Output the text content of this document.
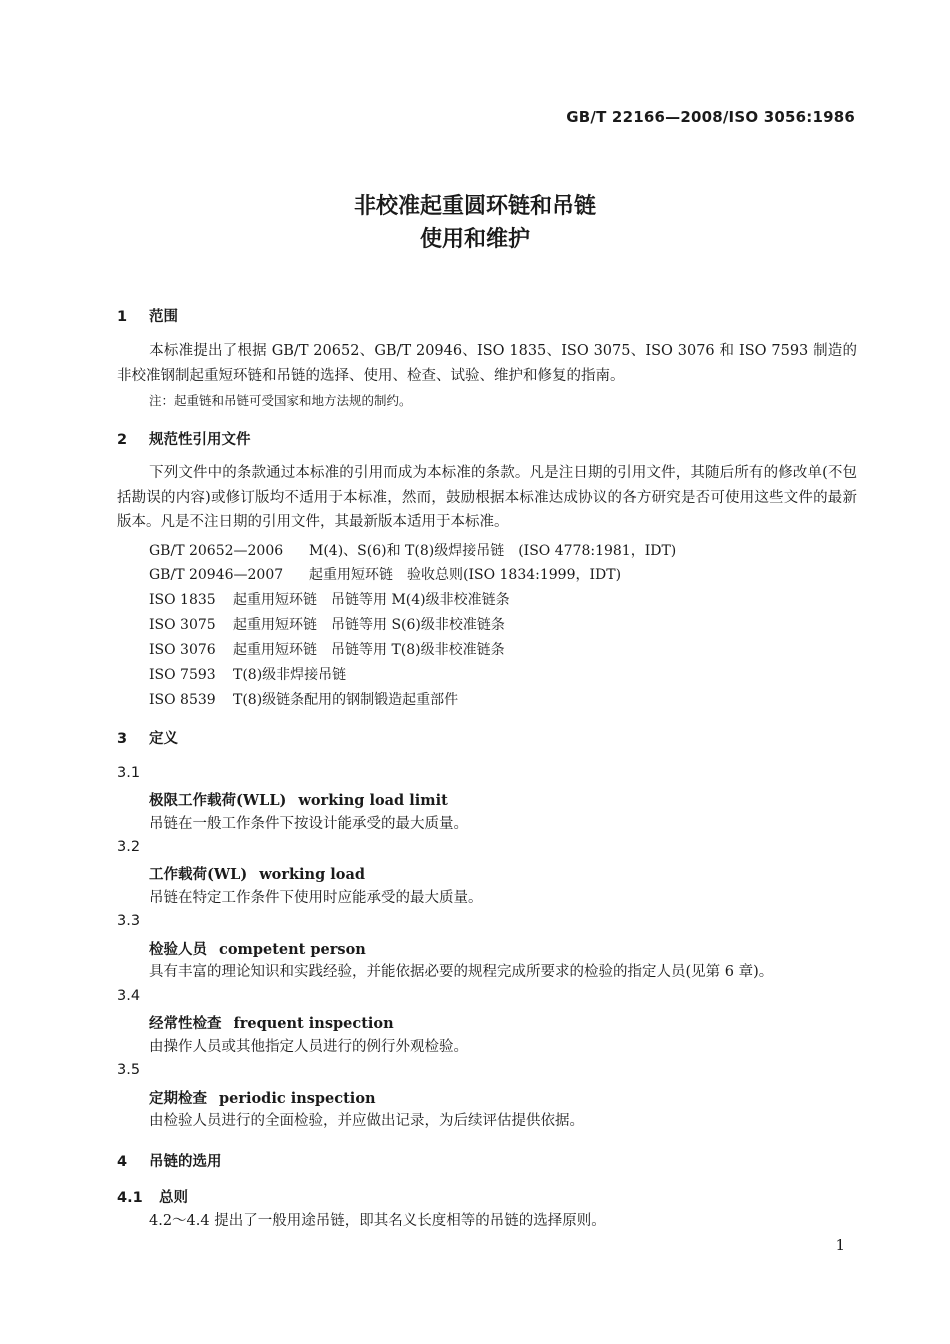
GB/T 22166—2008/ISO 3056:1986
非校准起重圆环链和吊链
使用和维护
1 范围
本标准提出了根据 GB/T 20652、GB/T 20946、ISO 1835、ISO 3075、ISO 3076 和 ISO 7593 制造的非校准钢制起重短环链和吊链的选择、使用、检查、试验、维护和修复的指南。
注：起重链和吊链可受国家和地方法规的制约。
2 规范性引用文件
下列文件中的条款通过本标准的引用而成为本标准的条款。凡是注日期的引用文件，其随后所有的修改单(不包括勘误的内容)或修订版均不适用于本标准，然而，鼓励根据本标准达成协议的各方研究是否可使用这些文件的最新版本。凡是不注日期的引用文件，其最新版本适用于本标准。
GB/T 20652—2006 M(4)、S(6)和 T(8)级焊接吊链　(ISO 4778:1981，IDT)
GB/T 20946—2007 起重用短环链　验收总则(ISO 1834:1999，IDT)
ISO 1835 起重用短环链　吊链等用 M(4)级非校准链条
ISO 3075 起重用短环链　吊链等用 S(6)级非校准链条
ISO 3076 起重用短环链　吊链等用 T(8)级非校准链条
ISO 7593 T(8)级非焊接吊链
ISO 8539 T(8)级链条配用的钢制锻造起重部件
3 定义
3.1
极限工作载荷(WLL) working load limit
吊链在一般工作条件下按设计能承受的最大质量。
3.2
工作载荷(WL) working load
吊链在特定工作条件下使用时应能承受的最大质量。
3.3
检验人员 competent person
具有丰富的理论知识和实践经验，并能依据必要的规程完成所要求的检验的指定人员(见第 6 章)。
3.4
经常性检查 frequent inspection
由操作人员或其他指定人员进行的例行外观检验。
3.5
定期检查 periodic inspection
由检验人员进行的全面检验，并应做出记录，为后续评估提供依据。
4 吊链的选用
4.1 总则
4.2～4.4 提出了一般用途吊链，即其名义长度相等的吊链的选择原则。
1
